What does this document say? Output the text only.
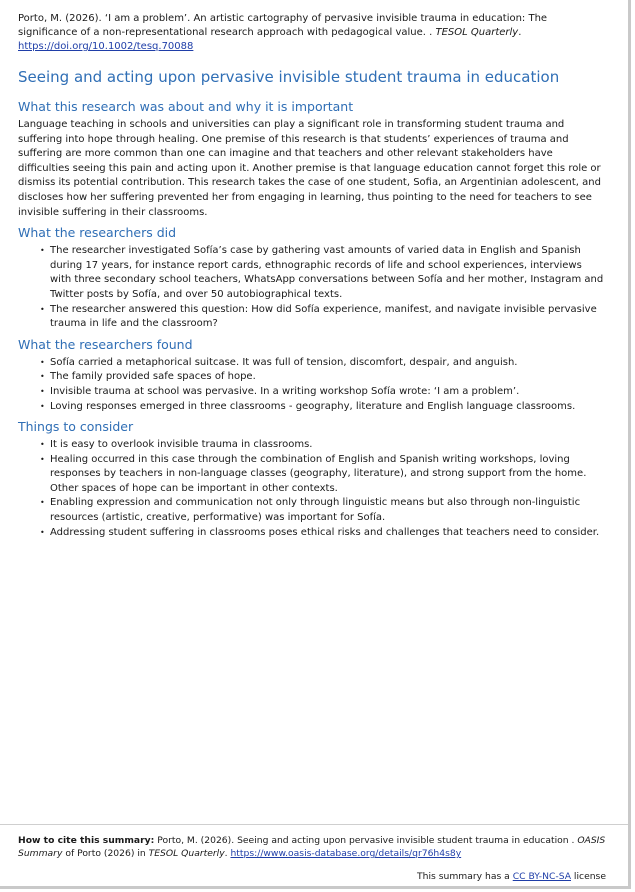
Porto, M. (2026). ‘I am a problem’. An artistic cartography of pervasive invisible trauma in education: The significance of a non-representational research approach with pedagogical value. . TESOL Quarterly. https://doi.org/10.1002/tesq.70088

Seeing and acting upon pervasive invisible student trauma in education
What this research was about and why it is important

Language teaching in schools and universities can play a significant role in transforming student trauma and suffering into hope through healing. One premise of this research is that students’ experiences of trauma and suffering are more common than one can imagine and that teachers and other relevant stakeholders have difficulties seeing this pain and acting upon it. Another premise is that language education cannot forget this role or dismiss its potential contribution. This research takes the case of one student, Sofia, an Argentinian adolescent, and discloses how her suffering prevented her from engaging in learning, thus pointing to the need for teachers to see invisible suffering in their classrooms.

What the researchers did
• The researcher investigated Sofía’s case by gathering vast amounts of varied data in English and Spanish during 17 years, for instance report cards, ethnographic records of life and school experiences, interviews with three secondary school teachers, WhatsApp conversations between Sofía and her mother, Instagram and Twitter posts by Sofía, and over 50 autobiographical texts.
• The researcher answered this question: How did Sofía experience, manifest, and navigate invisible pervasive trauma in life and the classroom?
What the researchers found
• Sofía carried a metaphorical suitcase. It was full of tension, discomfort, despair, and anguish.
• The family provided safe spaces of hope.
• Invisible trauma at school was pervasive. In a writing workshop Sofía wrote: ‘I am a problem’.
• Loving responses emerged in three classrooms - geography, literature and English language classrooms.
Things to consider
• It is easy to overlook invisible trauma in classrooms.
• Healing occurred in this case through the combination of English and Spanish writing workshops, loving responses by teachers in non-language classes (geography, literature), and strong support from the home. Other spaces of hope can be important in other contexts.
• Enabling expression and communication not only through linguistic means but also through non-linguistic resources (artistic, creative, performative) was important for Sofía.
• Addressing student suffering in classrooms poses ethical risks and challenges that teachers need to consider.

How to cite this summary: Porto, M. (2026). Seeing and acting upon pervasive invisible student trauma in education . OASIS Summary of Porto (2026) in TESOL Quarterly. https://www.oasis-database.org/details/qr76h4s8y

This summary has a CC BY-NC-SA license
